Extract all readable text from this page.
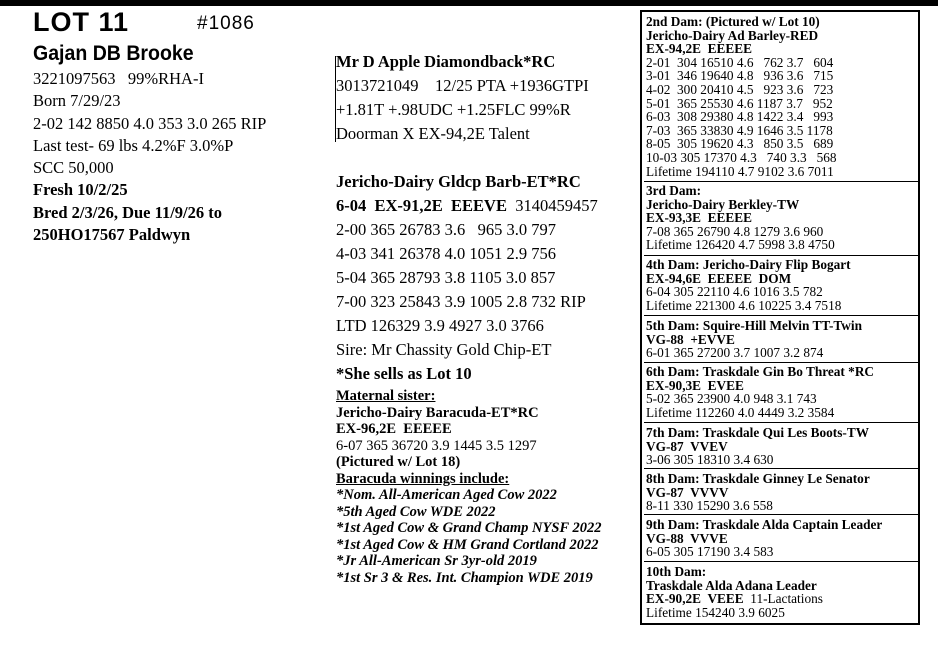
LOT 11	#1086
Gajan DB Brooke
3221097563   99%RHA-I
Born 7/29/23
2-02 142 8850 4.0 353 3.0 265 RIP
Last test- 69 lbs 4.2%F 3.0%P
SCC 50,000
Fresh 10/2/25
Bred 2/3/26, Due 11/9/26 to
250HO17567 Paldwyn
Mr D Apple Diamondback*RC
3013721049    12/25 PTA +1936GTPI
+1.81T +.98UDC +1.25FLC 99%R
Doorman X EX-94,2E Talent
Jericho-Dairy Gldcp Barb-ET*RC
6-04  EX-91,2E  EEEVE  3140459457
2-00 365 26783 3.6   965 3.0 797
4-03 341 26378 4.0 1051 2.9 756
5-04 365 28793 3.8 1105 3.0 857
7-00 323 25843 3.9 1005 2.8 732 RIP
LTD 126329 3.9 4927 3.0 3766
Sire: Mr Chassity Gold Chip-ET
*She sells as Lot 10
Maternal sister:
Jericho-Dairy Baracuda-ET*RC
EX-96,2E  EEEEE
6-07 365 36720 3.9 1445 3.5 1297
(Pictured w/ Lot 18)
Baracuda winnings include:
*Nom. All-American Aged Cow 2022
*5th Aged Cow WDE 2022
*1st Aged Cow & Grand Champ NYSF 2022
*1st Aged Cow & HM Grand Cortland 2022
*Jr All-American Sr 3yr-old 2019
*1st Sr 3 & Res. Int. Champion WDE 2019
2nd Dam: (Pictured w/ Lot 10)
Jericho-Dairy Ad Barley-RED
EX-94,2E  EEEEE
2-01  304 16510 4.6   762 3.7   604
3-01  346 19640 4.8   936 3.6   715
4-02  300 20410 4.5   923 3.6   723
5-01  365 25530 4.6 1187 3.7   952
6-03  308 29380 4.8 1422 3.4   993
7-03  365 33830 4.9 1646 3.5 1178
8-05  305 19620 4.3   850 3.5   689
10-03 305 17370 4.3   740 3.3   568
Lifetime 194110 4.7 9102 3.6 7011
3rd Dam:
Jericho-Dairy Berkley-TW
EX-93,3E  EEEEE
7-08 365 26790 4.8 1279 3.6 960
Lifetime 126420 4.7 5998 3.8 4750
4th Dam: Jericho-Dairy Flip Bogart
EX-94,6E  EEEEE  DOM
6-04 305 22110 4.6 1016 3.5 782
Lifetime 221300 4.6 10225 3.4 7518
5th Dam: Squire-Hill Melvin TT-Twin
VG-88  +EVVE
6-01 365 27200 3.7 1007 3.2 874
6th Dam: Traskdale Gin Bo Threat *RC
EX-90,3E  EVEE
5-02 365 23900 4.0 948 3.1 743
Lifetime 112260 4.0 4449 3.2 3584
7th Dam: Traskdale Qui Les Boots-TW
VG-87  VVEV
3-06 305 18310 3.4 630
8th Dam: Traskdale Ginney Le Senator
VG-87  VVVV
8-11 330 15290 3.6 558
9th Dam: Traskdale Alda Captain Leader
VG-88  VVVE
6-05 305 17190 3.4 583
10th Dam:
Traskdale Alda Adana Leader
EX-90,2E  VEEE  11-Lactations
Lifetime 154240 3.9 6025
